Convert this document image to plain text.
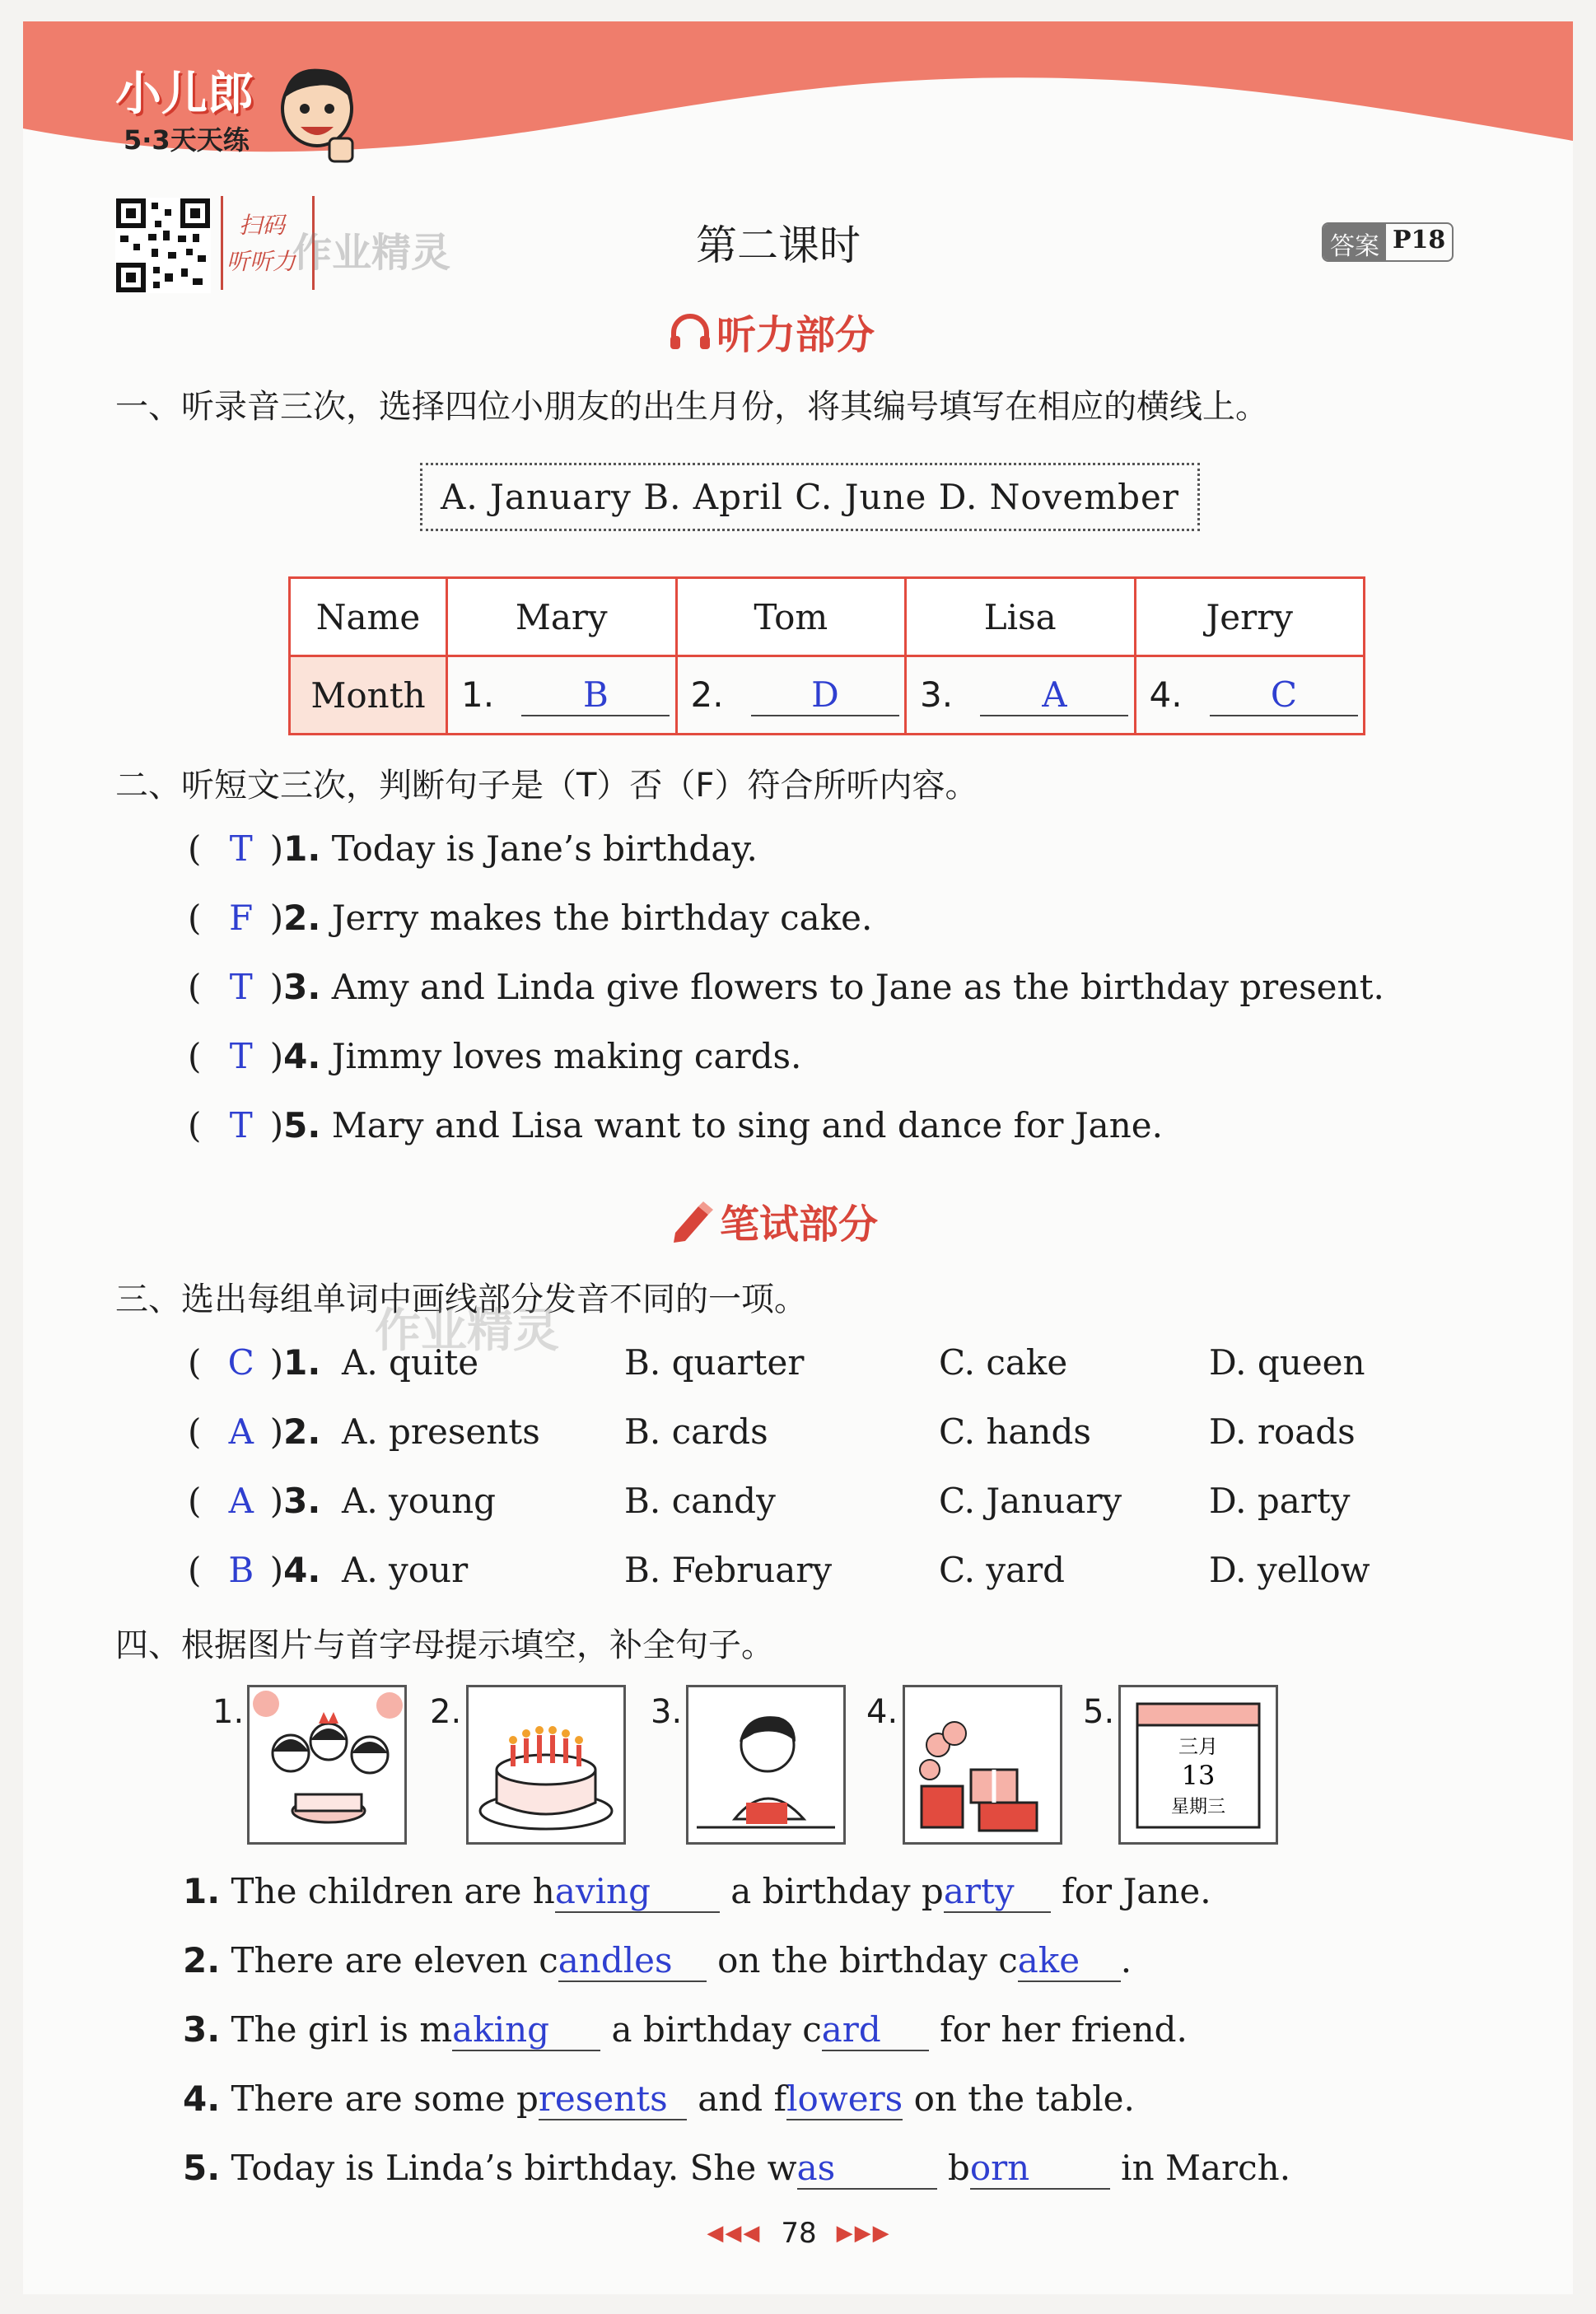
小儿郎
5·3天天练
扫码
听听力
作业精灵	第二课时	答案 P18
听力部分
一、听录音三次，选择四位小朋友的出生月份，将其编号填写在相应的横线上。
A. January B. April C. June D. November
Name	Mary	Tom	Lisa	Jerry
Month	1. B	2. D	3. A	4. C
二、听短文三次，判断句子是（T）否（F）符合所听内容。
( T )1. Today is Jane’s birthday.
( F )2. Jerry makes the birthday cake.
( T )3. Amy and Linda give flowers to Jane as the birthday present.
( T )4. Jimmy loves making cards.
( T )5. Mary and Lisa want to sing and dance for Jane.
笔试部分
三、选出每组单词中画线部分发音不同的一项。
作业精灵
( C )1. A. quite	B. quarter	C. cake	D. queen
( A )2. A. presents B. cards	C. hands	D. roads
( A )3. A. young	B. candy	C. January	D. party
( B )4. A. your	B. February	C. yard	D. yellow
四、根据图片与首字母提示填空，补全句子。
1.	2.	3.	4.	5.
三月
13
星期三
1. The children are having a birthday party for Jane.
2. There are eleven candles on the birthday cake .
3. The girl is making a birthday card for her friend.
4. There are some presents and flowers on the table.
5. Today is Linda’s birthday. She was	born in March.
◀◀◀ 78 ▶▶▶
